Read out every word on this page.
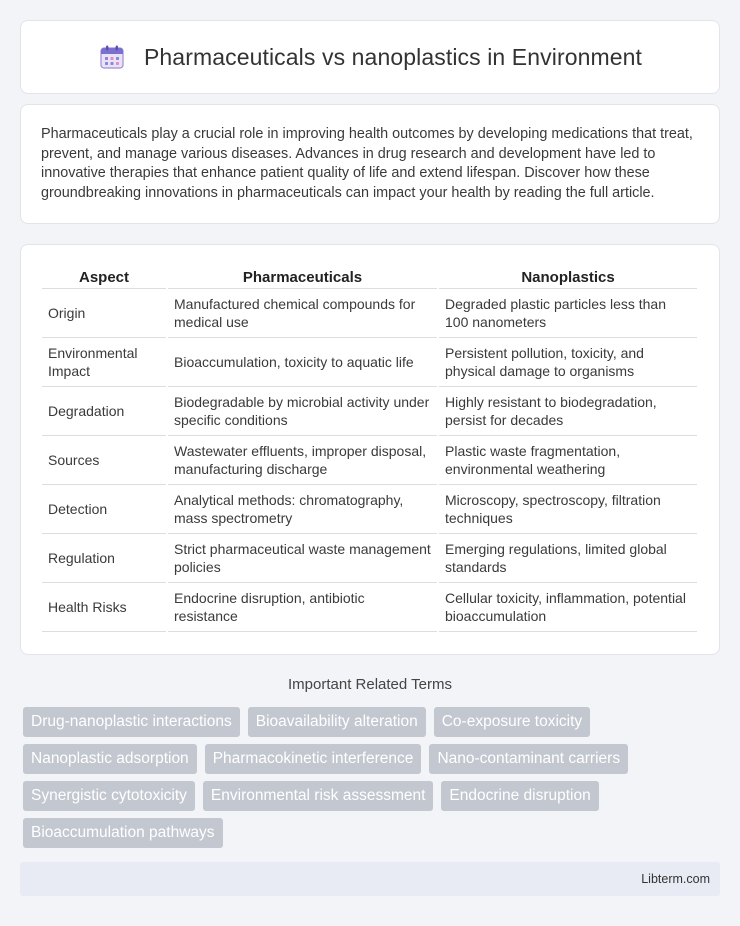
Pharmaceuticals vs nanoplastics in Environment

Pharmaceuticals play a crucial role in improving health outcomes by developing medications that treat, prevent, and manage various diseases. Advances in drug research and development have led to innovative therapies that enhance patient quality of life and extend lifespan. Discover how these groundbreaking innovations in pharmaceuticals can impact your health by reading the full article.

Aspect	Pharmaceuticals	Nanoplastics
Origin	Manufactured chemical compounds for medical use	Degraded plastic particles less than 100 nanometers
Environmental Impact	Bioaccumulation, toxicity to aquatic life	Persistent pollution, toxicity, and physical damage to organisms
Degradation	Biodegradable by microbial activity under specific conditions	Highly resistant to biodegradation, persist for decades
Sources	Wastewater effluents, improper disposal, manufacturing discharge	Plastic waste fragmentation, environmental weathering
Detection	Analytical methods: chromatography, mass spectrometry	Microscopy, spectroscopy, filtration techniques
Regulation	Strict pharmaceutical waste management policies	Emerging regulations, limited global standards
Health Risks	Endocrine disruption, antibiotic resistance	Cellular toxicity, inflammation, potential bioaccumulation
Important Related Terms
Drug-nanoplastic interactions	Bioavailability alteration	Co-exposure toxicity
Nanoplastic adsorption	Pharmacokinetic interference	Nano-contaminant carriers
Synergistic cytotoxicity	Environmental risk assessment	Endocrine disruption
Bioaccumulation pathways
Libterm.com
